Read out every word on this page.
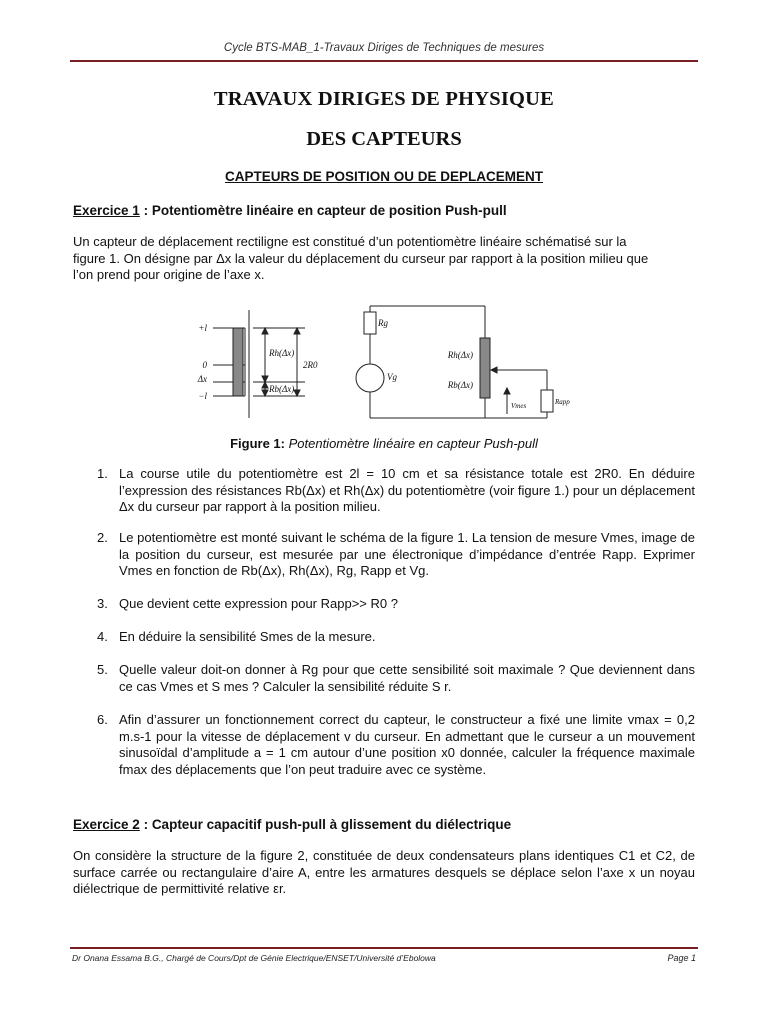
Cycle BTS-MAB_1-Travaux Diriges de Techniques de mesures
TRAVAUX DIRIGES DE PHYSIQUE
DES CAPTEURS
CAPTEURS DE POSITION OU DE DEPLACEMENT
Exercice 1 : Potentiomètre linéaire en capteur de position Push-pull
Un capteur de déplacement rectiligne est constitué d’un potentiomètre linéaire schématisé sur la
figure 1. On désigne par Δx la valeur du déplacement du curseur par rapport à la position milieu que
l’on prend pour origine de l’axe x.
+l
0
Δx
−l
Rh(Δx)
Rb(Δx)
2R0
Rg
Vg
Rh(Δx)
Rb(Δx)
Vmes	Rapp
Figure 1: Potentiomètre linéaire en capteur Push-pull
1. La course utile du potentiomètre est 2l = 10 cm et sa résistance totale est 2R0. En déduire l’expression des résistances Rb(Δx) et Rh(Δx) du potentiomètre (voir figure 1.) pour un déplacement Δx du curseur par rapport à la position milieu.
2. Le potentiomètre est monté suivant le schéma de la figure 1. La tension de mesure Vmes, image de la position du curseur, est mesurée par une électronique d’impédance d’entrée Rapp. Exprimer Vmes en fonction de Rb(Δx), Rh(Δx), Rg, Rapp et Vg.
3. Que devient cette expression pour Rapp>> R0 ?
4. En déduire la sensibilité Smes de la mesure.
5. Quelle valeur doit-on donner à Rg pour que cette sensibilité soit maximale ? Que deviennent dans ce cas Vmes et S mes ? Calculer la sensibilité réduite S r.
6. Afin d’assurer un fonctionnement correct du capteur, le constructeur a fixé une limite vmax = 0,2 m.s-1 pour la vitesse de déplacement v du curseur. En admettant que le curseur a un mouvement sinusoïdal d’amplitude a = 1 cm autour d’une position x0 donnée, calculer la fréquence maximale fmax des déplacements que l’on peut traduire avec ce système.
Exercice 2 : Capteur capacitif push-pull à glissement du diélectrique
On considère la structure de la figure 2, constituée de deux condensateurs plans identiques C1 et C2, de surface carrée ou rectangulaire d’aire A, entre les armatures desquels se déplace selon l’axe x un noyau diélectrique de permittivité relative εr.
Dr Onana Essama B.G., Chargé de Cours/Dpt de Génie Electrique/ENSET/Université d’Ebolowa	Page 1
